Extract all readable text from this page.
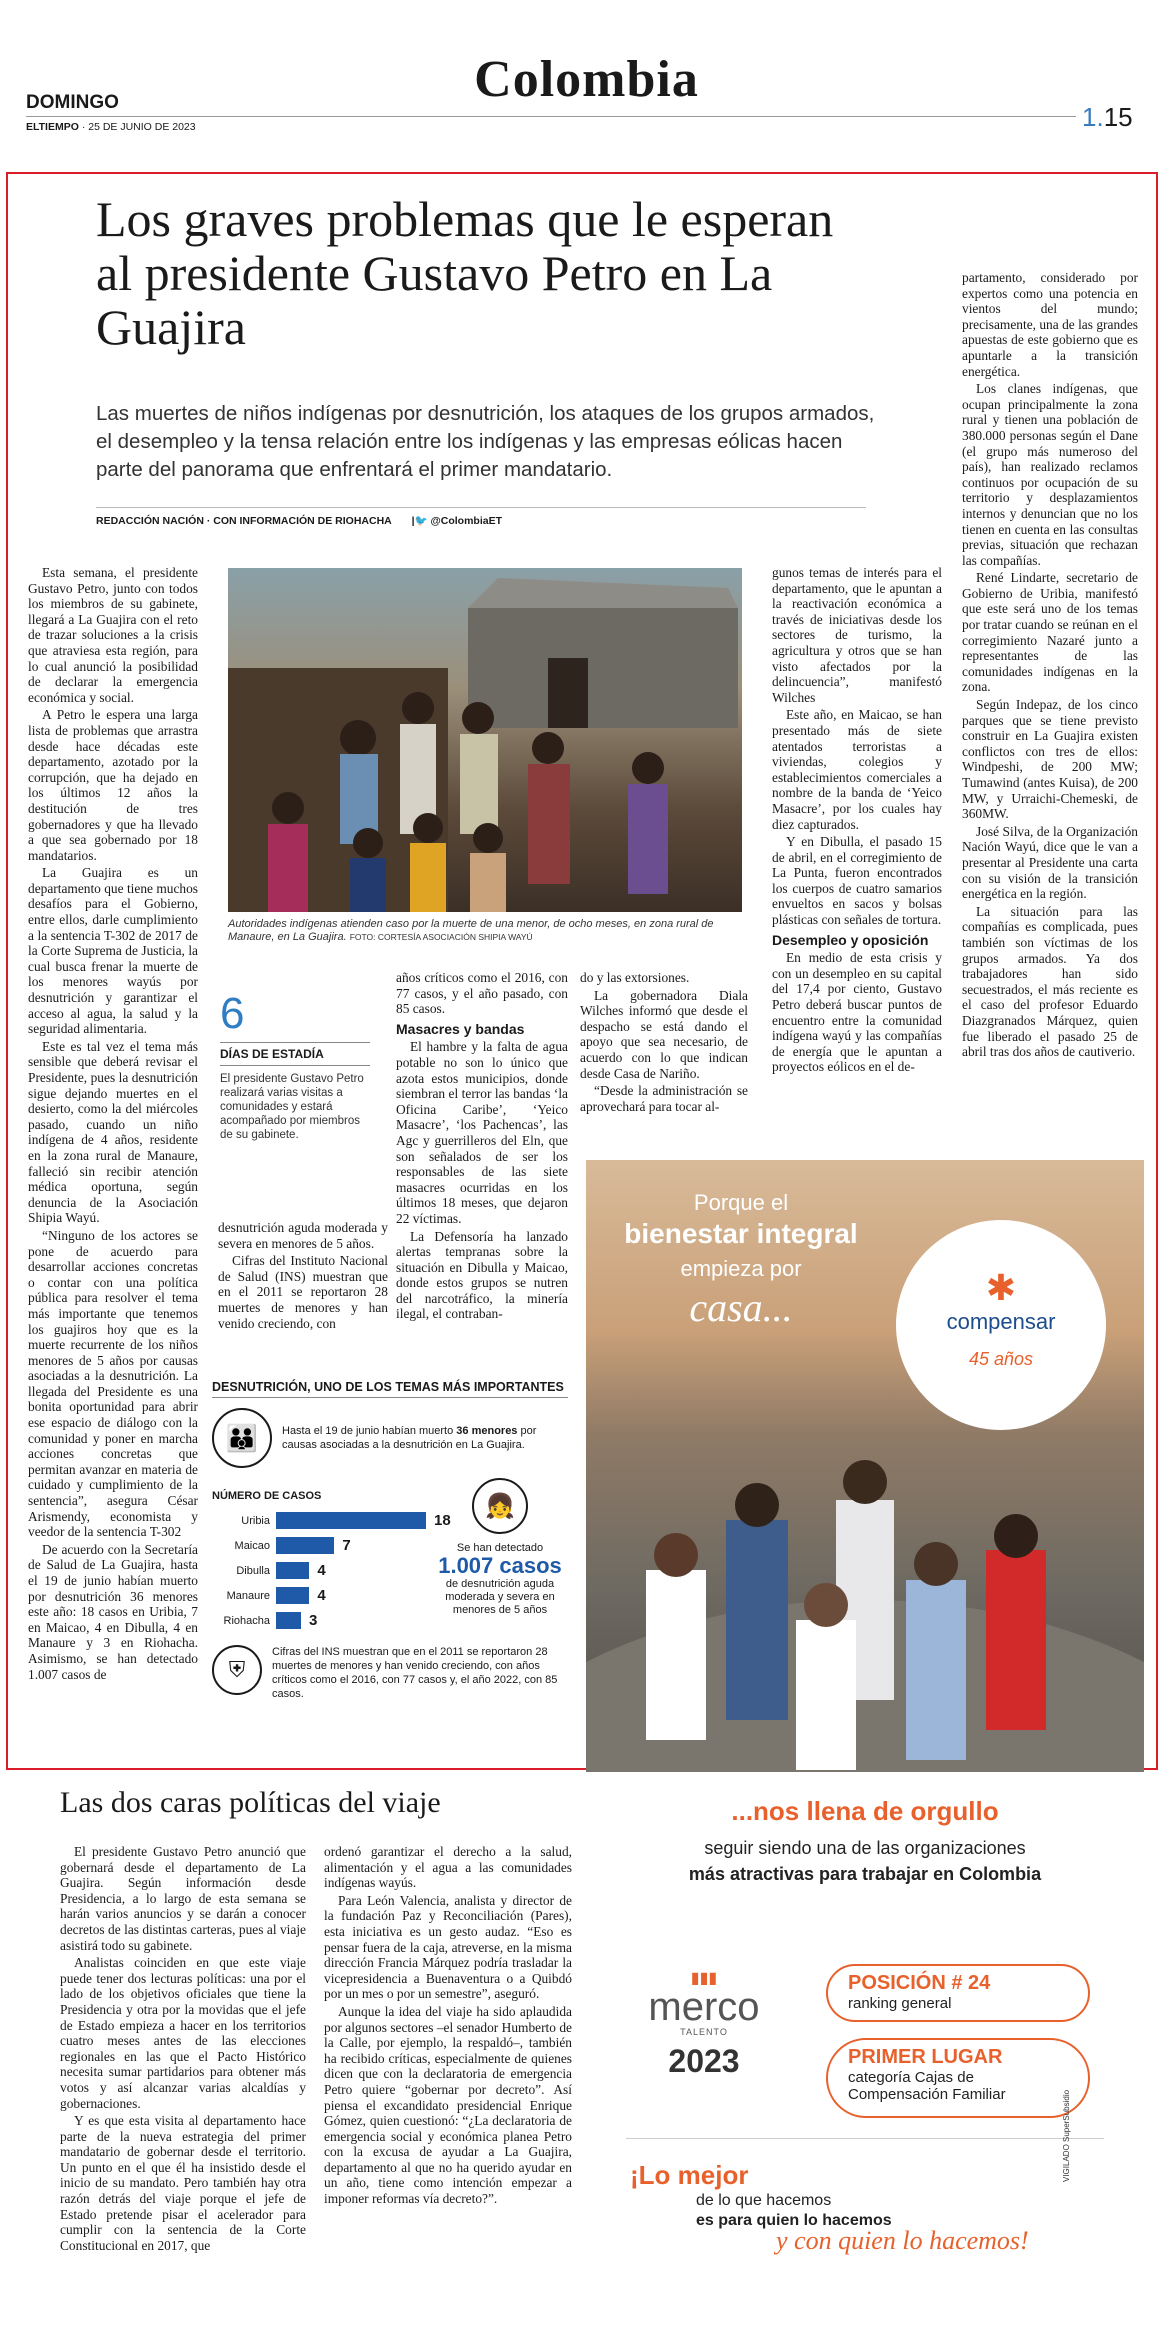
Colombia
DOMINGO
ELTIEMPO · 25 DE JUNIO DE 2023	1.15
Los graves problemas que le esperan al presidente Gustavo Petro en La Guajira
Las muertes de niños indígenas por desnutrición, los ataques de los grupos armados, el desempleo y la tensa relación entre los indígenas y las empresas eólicas hacen parte del panorama que enfrentará el primer mandatario.
REDACCIÓN NACIÓN · CON INFORMACIÓN DE RIOHACHA |🐦 @ColombiaET

Esta semana, el presidente Gustavo Petro, junto con todos los miembros de su gabinete, llegará a La Guajira con el reto de trazar soluciones a la crisis que atraviesa esta región, para lo cual anunció la posibilidad de declarar la emergencia económica y social.

A Petro le espera una larga lista de problemas que arrastra desde hace décadas este departamento, azotado por la corrupción, que ha dejado en los últimos 12 años la destitución de tres gobernadores y que ha llevado a que sea gobernado por 18 mandatarios.

La Guajira es un departamento que tiene muchos desafíos para el Gobierno, entre ellos, darle cumplimiento a la sentencia T-302 de 2017 de la Corte Suprema de Justicia, la cual busca frenar la muerte de los menores wayús por desnutrición y garantizar el acceso al agua, la salud y la seguridad alimentaria.

Este es tal vez el tema más sensible que deberá revisar el Presidente, pues la desnutrición sigue dejando muertes en el desierto, como la del miércoles pasado, cuando un niño indígena de 4 años, residente en la zona rural de Manaure, falleció sin recibir atención médica oportuna, según denuncia de la Asociación Shipia Wayú.

“Ninguno de los actores se pone de acuerdo para desarrollar acciones concretas o contar con una política pública para resolver el tema más importante que tenemos los guajiros hoy que es la muerte recurrente de los niños menores de 5 años por causas asociadas a la desnutrición. La llegada del Presidente es una bonita oportunidad para abrir ese espacio de diálogo con la comunidad y poner en marcha acciones concretas que permitan avanzar en materia de cuidado y cumplimiento de la sentencia”, asegura César Arismendy, economista y veedor de la sentencia T-302

De acuerdo con la Secretaría de Salud de La Guajira, hasta el 19 de junio habían muerto por desnutrición 36 menores este año: 18 casos en Uribia, 7 en Maicao, 4 en Dibulla, 4 en Manaure y 3 en Riohacha. Asimismo, se han detectado 1.007 casos de

Autoridades indígenas atienden caso por la muerte de una menor, de ocho meses, en zona rural de Manaure, en La Guajira. FOTO: CORTESÍA ASOCIACIÓN SHIPIA WAYÚ
6
DÍAS DE ESTADÍA
El presidente Gustavo Petro realizará varias visitas a comunidades y estará acompañado por miembros de su gabinete.

desnutrición aguda moderada y severa en menores de 5 años.

Cifras del Instituto Nacional de Salud (INS) muestran que en el 2011 se reportaron 28 muertes de menores y han venido creciendo, con

años críticos como el 2016, con 77 casos, y el año pasado, con 85 casos.

Masacres y bandas

El hambre y la falta de agua potable no son lo único que azota estos municipios, donde siembran el terror las bandas ‘la Oficina Caribe’, ‘Yeico Masacre’, ‘los Pachencas’, las Agc y guerrilleros del Eln, que son señalados de ser los responsables de las siete masacres ocurridas en los últimos 18 meses, que dejaron 22 víctimas.

La Defensoría ha lanzado alertas tempranas sobre la situación en Dibulla y Maicao, donde estos grupos se nutren del narcotráfico, la minería ilegal, el contraban-

do y las extorsiones.

La gobernadora Diala Wilches informó que desde el despacho se está dando el apoyo que sea necesario, de acuerdo con lo que indican desde Casa de Nariño.

“Desde la administración se aprovechará para tocar al-

gunos temas de interés para el departamento, que le apuntan a la reactivación económica a través de iniciativas desde los sectores de turismo, la agricultura y otros que se han visto afectados por la delincuencia”, manifestó Wilches

Este año, en Maicao, se han presentado más de siete atentados terroristas a viviendas, colegios y establecimientos comerciales a nombre de la banda de ‘Yeico Masacre’, por los cuales hay diez capturados.

Y en Dibulla, el pasado 15 de abril, en el corregimiento de La Punta, fueron encontrados los cuerpos de cuatro samarios envueltos en sacos y bolsas plásticas con señales de tortura.

Desempleo y oposición

En medio de esta crisis y con un desempleo en su capital del 17,4 por ciento, Gustavo Petro deberá buscar puntos de encuentro entre la comunidad indígena wayú y las compañías de energía que le apuntan a proyectos eólicos en el de-

partamento, considerado por expertos como una potencia en vientos del mundo; precisamente, una de las grandes apuestas de este gobierno que es apuntarle a la transición energética.

Los clanes indígenas, que ocupan principalmente la zona rural y tienen una población de 380.000 personas según el Dane (el grupo más numeroso del país), han realizado reclamos continuos por ocupación de su territorio y desplazamientos internos y denuncian que no los tienen en cuenta en las consultas previas, situación que rechazan las compañías.

René Lindarte, secretario de Gobierno de Uribia, manifestó que este será uno de los temas por tratar cuando se reúnan en el corregimiento Nazaré junto a representantes de las comunidades indígenas en la zona.

Según Indepaz, de los cinco parques que se tiene previsto construir en La Guajira existen conflictos con tres de ellos: Windpeshi, de 200 MW; Tumawind (antes Kuisa), de 200 MW, y Urraichi-Chemeski, de 360MW.

José Silva, de la Organización Nación Wayú, dice que le van a presentar al Presidente una carta con su visión de la transición energética en la región.

La situación para las compañías es complicada, pues también son víctimas de los grupos armados. Ya dos trabajadores han sido secuestrados, el más reciente es el caso del profesor Eduardo Diazgranados Márquez, quien fue liberado el pasado 25 de abril tras dos años de cautiverio.

DESNUTRICIÓN, UNO DE LOS TEMAS MÁS IMPORTANTES
👪	Hasta el 19 de junio habían muerto 36 menores por causas asociadas a la desnutrición en La Guajira.
NÚMERO DE CASOS
Uribia	18
Maicao	7
Dibulla	4
Manaure	4
Riohacha	3
👧
Se han detectado
1.007 casos
de desnutrición aguda moderada y severa en menores de 5 años
⛨
Cifras del INS muestran que en el 2011 se reportaron 28 muertes de menores y han venido creciendo, con años críticos como el 2016, con 77 casos y, el año 2022, con 85 casos.
Porque el
bienestar integral
empieza por
casa...	✱
compensar
45 años
...nos llena de orgullo
seguir siendo una de las organizaciones
más atractivas para trabajar en Colombia
▮▮▮
merco
TALENTO
2023
POSICIÓN # 24
ranking general
PRIMER LUGAR
categoría Cajas de
Compensación Familiar
¡Lo mejor
de lo que hacemos
es para quien lo hacemos
y con quien lo hacemos!
VIGILADO SuperSubsidio
Las dos caras políticas del viaje

El presidente Gustavo Petro anunció que gobernará desde el departamento de La Guajira. Según información desde Presidencia, a lo largo de esta semana se harán varios anuncios y se darán a conocer decretos de las distintas carteras, pues al viaje asistirá todo su gabinete.

Analistas coinciden en que este viaje puede tener dos lecturas políticas: una por el lado de los objetivos oficiales que tiene la Presidencia y otra por la movidas que el jefe de Estado empieza a hacer en los territorios cuatro meses antes de las elecciones regionales en las que el Pacto Histórico necesita sumar partidarios para obtener más votos y así alcanzar varias alcaldías y gobernaciones.

Y es que esta visita al departamento hace parte de la nueva estrategia del primer mandatario de gobernar desde el territorio. Un punto en el que él ha insistido desde el inicio de su mandato. Pero también hay otra razón detrás del viaje porque el jefe de Estado pretende pisar el acelerador para cumplir con la sentencia de la Corte Constitucional en 2017, que

ordenó garantizar el derecho a la salud, alimentación y el agua a las comunidades indígenas wayús.

Para León Valencia, analista y director de la fundación Paz y Reconciliación (Pares), esta iniciativa es un gesto audaz. “Eso es pensar fuera de la caja, atreverse, en la misma dirección Francia Márquez podría trasladar la vicepresidencia a Buenaventura o a Quibdó por un mes o por un semestre”, aseguró.

Aunque la idea del viaje ha sido aplaudida por algunos sectores –el senador Humberto de la Calle, por ejemplo, la respaldó–, también ha recibido críticas, especialmente de quienes dicen que con la declaratoria de emergencia Petro quiere “gobernar por decreto”. Así piensa el excandidato presidencial Enrique Gómez, quien cuestionó: “¿La declaratoria de emergencia social y económica planea Petro con la excusa de ayudar a La Guajira, departamento al que no ha querido ayudar en un año, tiene como intención empezar a imponer reformas vía decreto?”.
